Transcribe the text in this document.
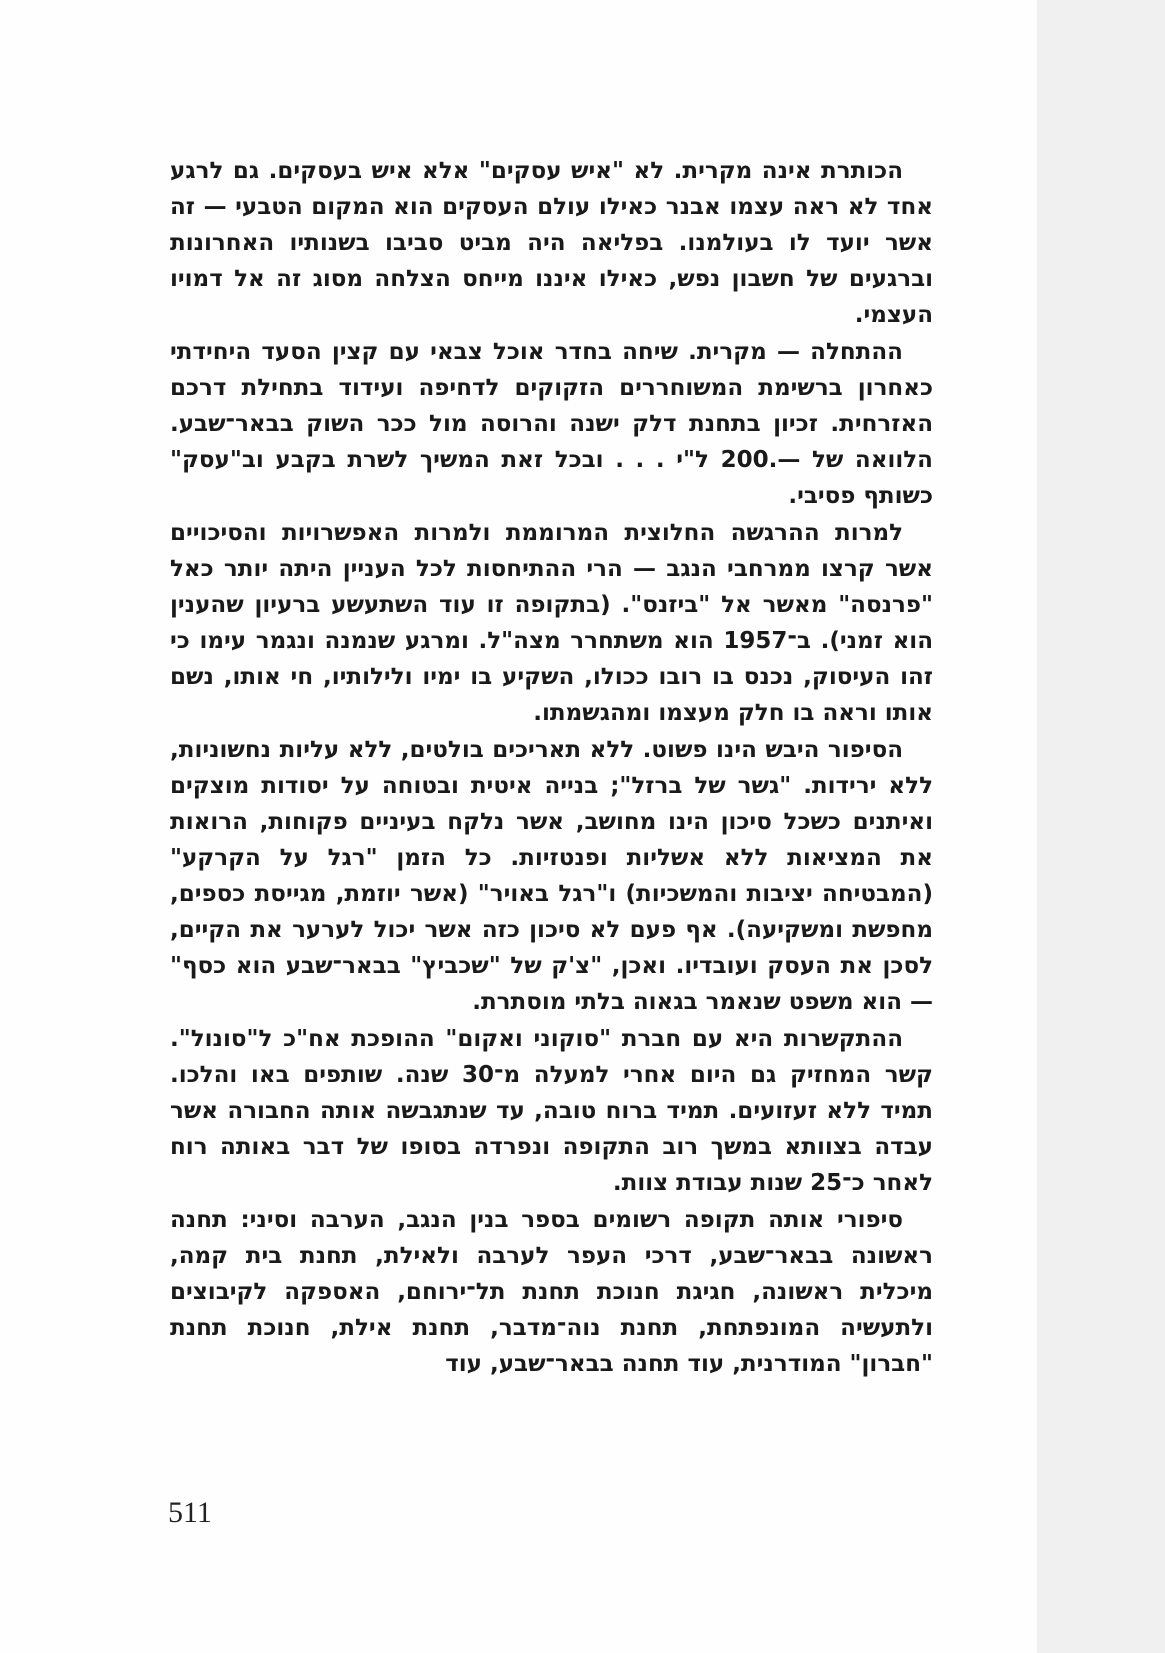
הכותרת אינה מקרית. לא "איש עסקים" אלא איש בעסקים. גם לרגע אחד לא ראה עצמו אבנר כאילו עולם העסקים הוא המקום הטבעי — זה אשר יועד לו בעולמנו. בפליאה היה מביט סביבו בשנותיו האחרונות וברגעים של חשבון נפש, כאילו איננו מייחס הצלחה מסוג זה אל דמויו העצמי.

ההתחלה — מקרית. שיחה בחדר אוכל צבאי עם קצין הסעד היחידתי כאחרון ברשימת המשוחררים הזקוקים לדחיפה ועידוד בתחילת דרכם האזרחית. זכיון בתחנת דלק ישנה והרוסה מול ככר השוק בבאר־שבע. הלוואה של —.200 ל"י . . . ובכל זאת המשיך לשרת בקבע וב"עסק" כשותף פסיבי.

למרות ההרגשה החלוצית המרוממת ולמרות האפשרויות והסיכויים אשר קרצו ממרחבי הנגב — הרי ההתיחסות לכל העניין היתה יותר כאל "פרנסה" מאשר אל "ביזנס". (בתקופה זו עוד השתעשע ברעיון שהענין הוא זמני). ב־1957 הוא משתחרר מצה"ל. ומרגע שנמנה ונגמר עימו כי זהו העיסוק, נכנס בו רובו ככולו, השקיע בו ימיו ולילותיו, חי אותו, נשם אותו וראה בו חלק מעצמו ומהגשמתו.

הסיפור היבש הינו פשוט. ללא תאריכים בולטים, ללא עליות נחשוניות, ללא ירידות. "גשר של ברזל"; בנייה איטית ובטוחה על יסודות מוצקים ואיתנים כשכל סיכון הינו מחושב, אשר נלקח בעיניים פקוחות, הרואות את המציאות ללא אשליות ופנטזיות. כל הזמן "רגל על הקרקע" (המבטיחה יציבות והמשכיות) ו"רגל באויר" (אשר יוזמת, מגייסת כספים, מחפשת ומשקיעה). אף פעם לא סיכון כזה אשר יכול לערער את הקיים, לסכן את העסק ועובדיו. ואכן, "צ'ק של "שכביץ" בבאר־שבע הוא כסף" — הוא משפט שנאמר בגאוה בלתי מוסתרת.

ההתקשרות היא עם חברת "סוקוני ואקום" ההופכת אח"כ ל"סונול". קשר המחזיק גם היום אחרי למעלה מ־30 שנה. שותפים באו והלכו. תמיד ללא זעזועים. תמיד ברוח טובה, עד שנתגבשה אותה החבורה אשר עבדה בצוותא במשך רוב התקופה ונפרדה בסופו של דבר באותה רוח לאחר כ־25 שנות עבודת צוות.

סיפורי אותה תקופה רשומים בספר בנין הנגב, הערבה וסיני: תחנה ראשונה בבאר־שבע, דרכי העפר לערבה ולאילת, תחנת בית קמה, מיכלית ראשונה, חגיגת חנוכת תחנת תל־ירוחם, האספקה לקיבוצים ולתעשיה המונפתחת, תחנת נוה־מדבר, תחנת אילת, חנוכת תחנת "חברון" המודרנית, עוד תחנה בבאר־שבע, עוד

511
